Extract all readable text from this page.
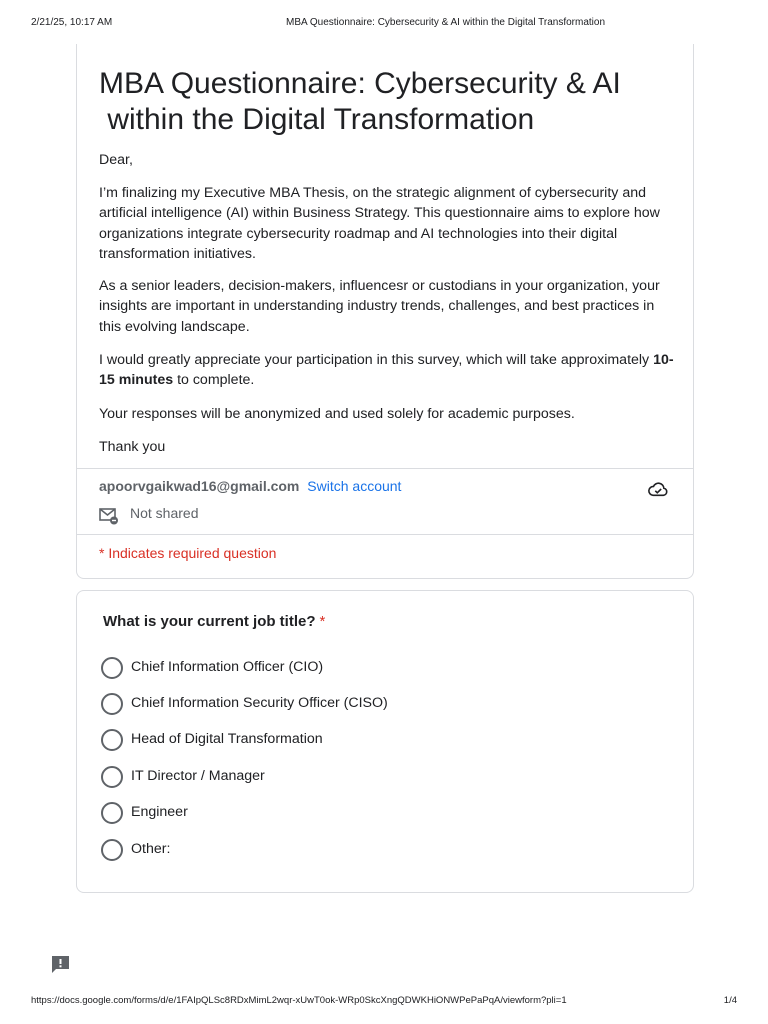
2/21/25, 10:17 AM	MBA Questionnaire: Cybersecurity & AI within the Digital Transformation
MBA Questionnaire: Cybersecurity & AI
within the Digital Transformation
Dear,
I’m finalizing my Executive MBA Thesis, on the strategic alignment of cybersecurity and artificial intelligence (AI) within Business Strategy. This questionnaire aims to explore how organizations integrate cybersecurity roadmap and AI technologies into their digital transformation initiatives.
As a senior leaders, decision-makers, influencesr or custodians in your organization, your insights are important in understanding industry trends, challenges, and best practices in this evolving landscape.
I would greatly appreciate your participation in this survey, which will take approximately 10-15 minutes to complete.
Your responses will be anonymized and used solely for academic purposes.
Thank you
apoorvgaikwad16@gmail.com Switch account
Not shared
* Indicates required question
What is your current job title? *
Chief Information Officer (CIO)
Chief Information Security Officer (CISO)
Head of Digital Transformation
IT Director / Manager
Engineer
Other:
https://docs.google.com/forms/d/e/1FAIpQLSc8RDxMimL2wqr-xUwT0ok-WRp0SkcXngQDWKHiONWPePaPqA/viewform?pli=1	1/4
